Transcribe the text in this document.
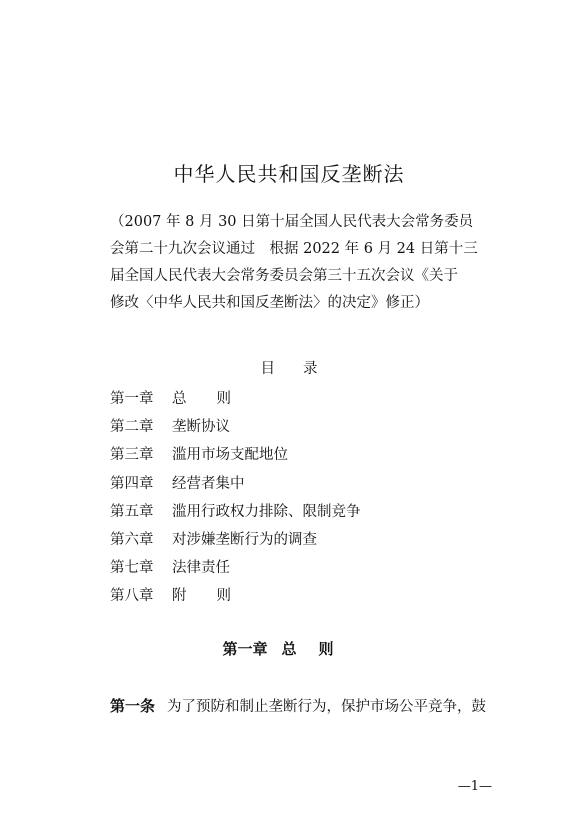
中华人民共和国反垄断法
（2007 年 8 月 30 日第十届全国人民代表大会常务委员
会第二十九次会议通过　根据 2022 年 6 月 24 日第十三
届全国人民代表大会常务委员会第三十五次会议《关于
修改〈中华人民共和国反垄断法〉的决定》修正）
目录
第一章 总则
第二章 垄断协议
第三章 滥用市场支配地位
第四章 经营者集中
第五章 滥用行政权力排除、限制竞争
第六章 对涉嫌垄断行为的调查
第七章 法律责任
第八章 附则
第一章 总则
第一条 为了预防和制止垄断行为，保护市场公平竞争，鼓
—1—
